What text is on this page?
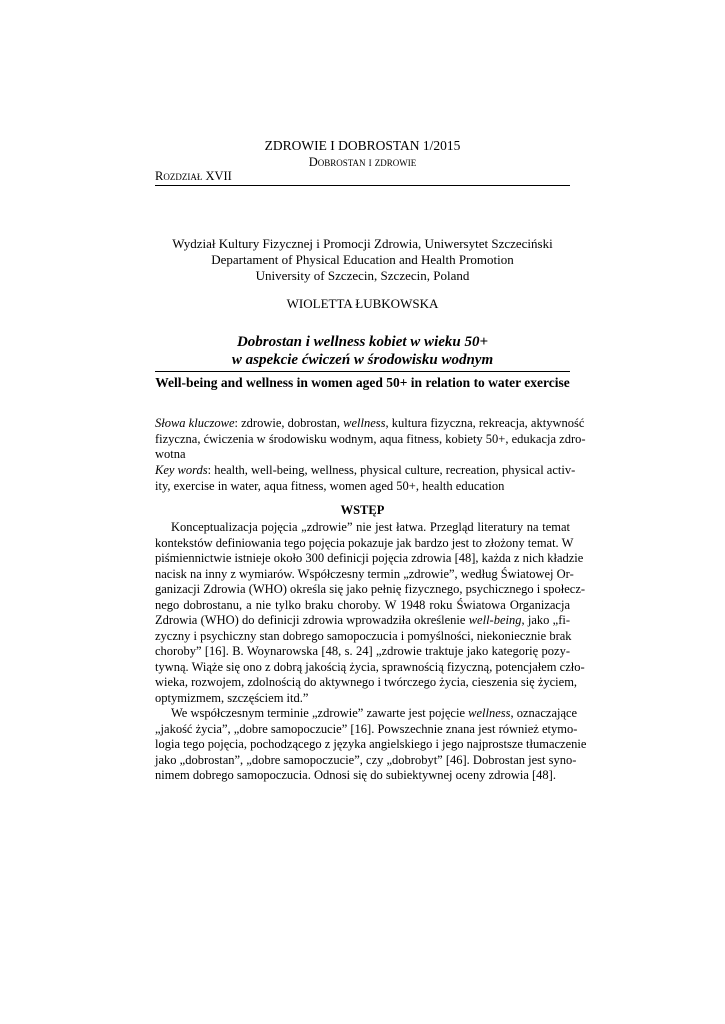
ZDROWIE I DOBROSTAN 1/2015
Dobrostan i zdrowie
Rozdział XVII
Wydział Kultury Fizycznej i Promocji Zdrowia, Uniwersytet Szczeciński
Departament of Physical Education and Health Promotion
University of Szczecin, Szczecin, Poland
WIOLETTA ŁUBKOWSKA
Dobrostan i wellness kobiet w wieku 50+
w aspekcie ćwiczeń w środowisku wodnym
Well-being and wellness in women aged 50+ in relation to water exercise
Słowa kluczowe: zdrowie, dobrostan, wellness, kultura fizyczna, rekreacja, aktywność
fizyczna, ćwiczenia w środowisku wodnym, aqua fitness, kobiety 50+, edukacja zdro-
wotna
Key words: health, well-being, wellness, physical culture, recreation, physical activ-
ity, exercise in water, aqua fitness, women aged 50+, health education
WSTĘP
Konceptualizacja pojęcia „zdrowie” nie jest łatwa. Przegląd literatury na temat
kontekstów definiowania tego pojęcia pokazuje jak bardzo jest to złożony temat. W
piśmiennictwie istnieje około 300 definicji pojęcia zdrowia [48], każda z nich kładzie
nacisk na inny z wymiarów. Współczesny termin „zdrowie”, według Światowej Or-
ganizacji Zdrowia (WHO) określa się jako pełnię fizycznego, psychicznego i społecz-
nego dobrostanu, a nie tylko braku choroby. W 1948 roku Światowa Organizacja
Zdrowia (WHO) do definicji zdrowia wprowadziła określenie well-being, jako „fi-
zyczny i psychiczny stan dobrego samopoczucia i pomyślności, niekoniecznie brak
choroby” [16]. B. Woynarowska [48, s. 24] „zdrowie traktuje jako kategorię pozy-
tywną. Wiąże się ono z dobrą jakością życia, sprawnością fizyczną, potencjałem czło-
wieka, rozwojem, zdolnością do aktywnego i twórczego życia, cieszenia się życiem,
optymizmem, szczęściem itd.”
We współczesnym terminie „zdrowie” zawarte jest pojęcie wellness, oznaczające
„jakość życia”, „dobre samopoczucie” [16]. Powszechnie znana jest również etymo-
logia tego pojęcia, pochodzącego z języka angielskiego i jego najprostsze tłumaczenie
jako „dobrostan”, „dobre samopoczucie”, czy „dobrobyt” [46]. Dobrostan jest syno-
nimem dobrego samopoczucia. Odnosi się do subiektywnej oceny zdrowia [48].
